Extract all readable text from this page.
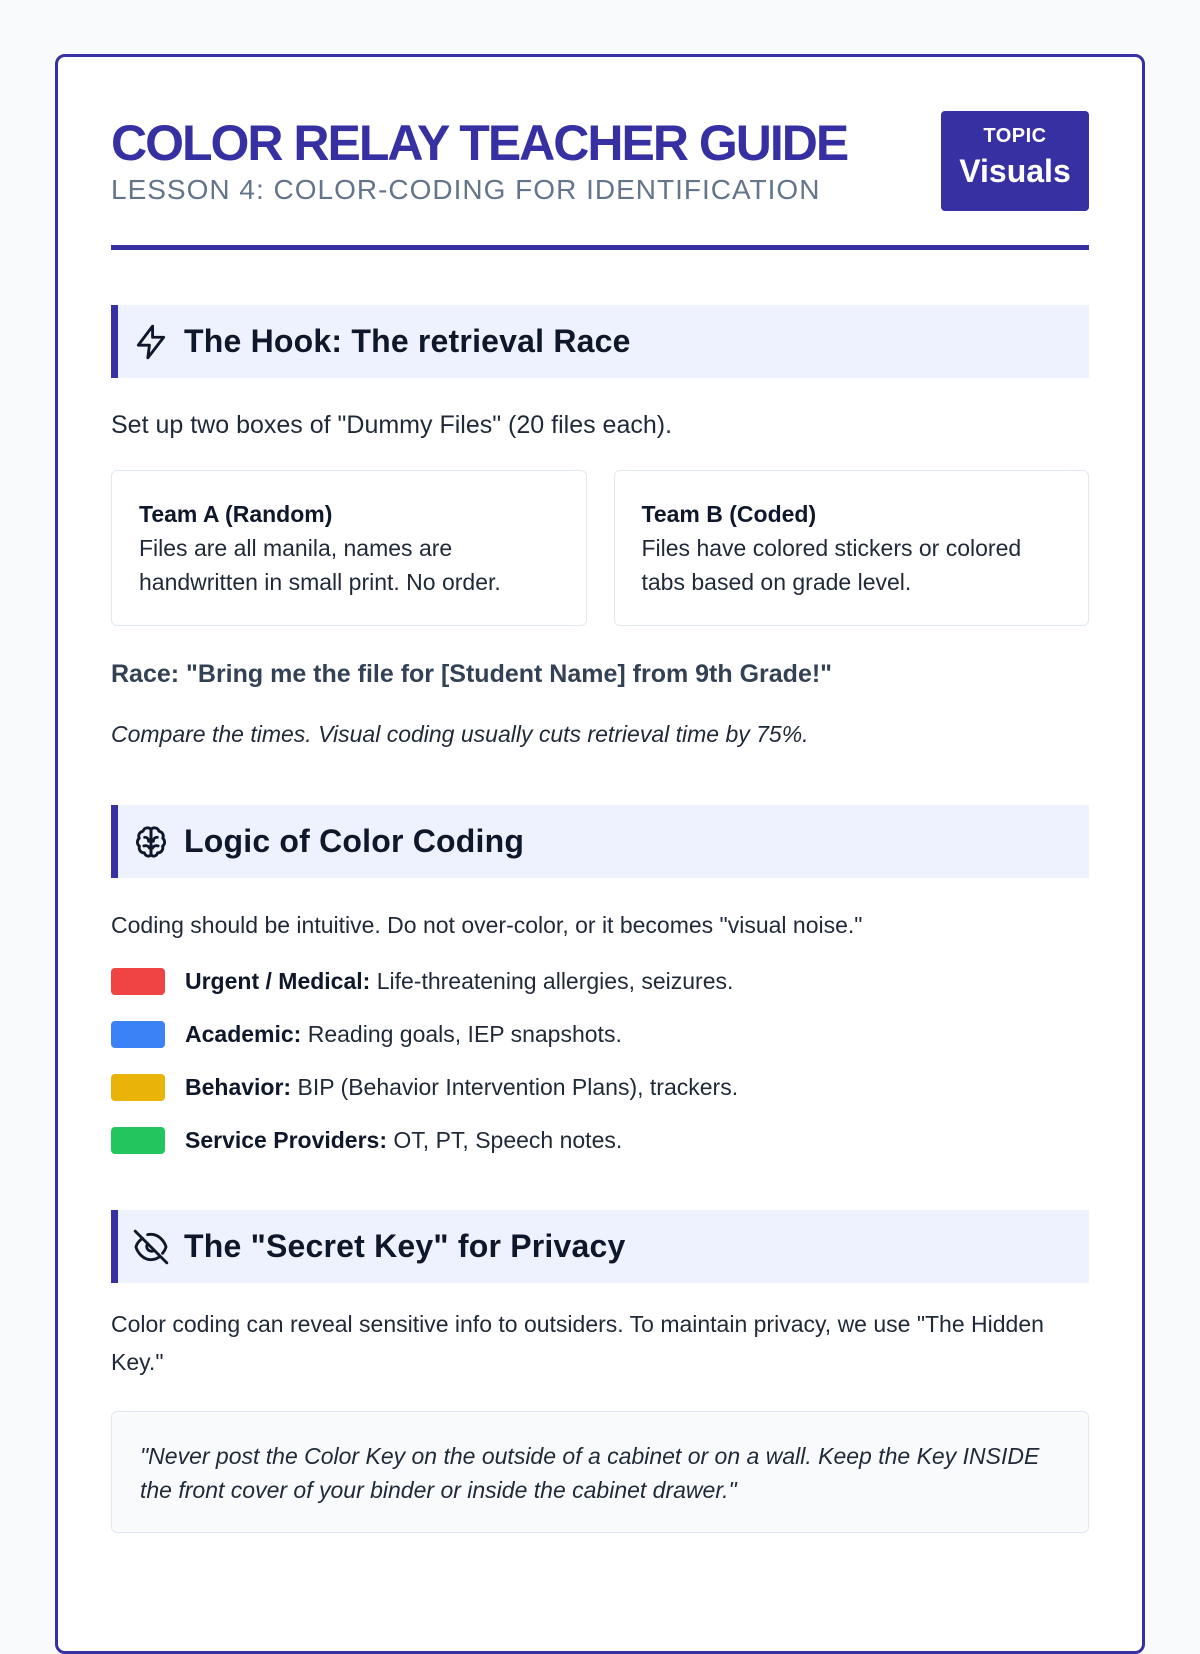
COLOR RELAY TEACHER GUIDE
LESSON 4: COLOR-CODING FOR IDENTIFICATION
TOPIC
Visuals
The Hook: The retrieval Race
Set up two boxes of "Dummy Files" (20 files each).
Team A (Random)
Files are all manila, names are handwritten in small print. No order.
Team B (Coded)
Files have colored stickers or colored tabs based on grade level.
Race: "Bring me the file for [Student Name] from 9th Grade!"
Compare the times. Visual coding usually cuts retrieval time by 75%.
Logic of Color Coding
Coding should be intuitive. Do not over-color, or it becomes "visual noise."
Urgent / Medical: Life-threatening allergies, seizures.
Academic: Reading goals, IEP snapshots.
Behavior: BIP (Behavior Intervention Plans), trackers.
Service Providers: OT, PT, Speech notes.
The "Secret Key" for Privacy
Color coding can reveal sensitive info to outsiders. To maintain privacy, we use "The Hidden Key."
"Never post the Color Key on the outside of a cabinet or on a wall. Keep the Key INSIDE the front cover of your binder or inside the cabinet drawer."
